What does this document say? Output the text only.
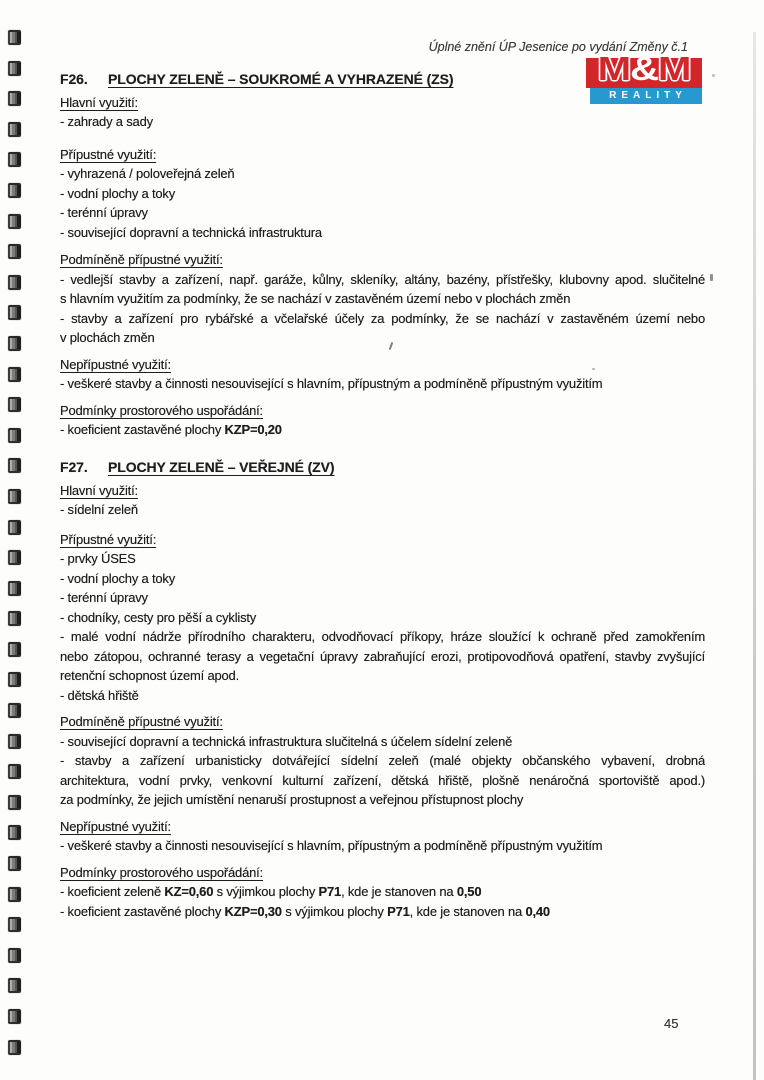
Úplné znění ÚP Jesenice po vydání Změny č.1
M&M
REALITY
F26. PLOCHY ZELENĚ – SOUKROMÉ A VYHRAZENÉ (ZS)
Hlavní využití:

- zahrady a sady

Přípustné využití:

- vyhrazená / poloveřejná zeleň

- vodní plochy a toky

- terénní úpravy

- související dopravní a technická infrastruktura

Podmíněně přípustné využití:

- vedlejší stavby a zařízení, např. garáže, kůlny, skleníky, altány, bazény, přístřešky, klubovny apod. slučitelné

s hlavním využitím za podmínky, že se nachází v zastavěném území nebo v plochách změn

- stavby a zařízení pro rybářské a včelařské účely za podmínky, že se nachází v zastavěném území nebo

v plochách změn

Nepřípustné využití:

- veškeré stavby a činnosti nesouvisející s hlavním, přípustným a podmíněně přípustným využitím

Podmínky prostorového uspořádání:

- koeficient zastavěné plochy KZP=0,20

F27. PLOCHY ZELENĚ – VEŘEJNÉ (ZV)
Hlavní využití:

- sídelní zeleň

Přípustné využití:

- prvky ÚSES

- vodní plochy a toky

- terénní úpravy

- chodníky, cesty pro pěší a cyklisty

- malé vodní nádrže přírodního charakteru, odvodňovací příkopy, hráze sloužící k ochraně před zamokřením

nebo zátopou, ochranné terasy a vegetační úpravy zabraňující erozi, protipovodňová opatření, stavby zvyšující

retenční schopnost území apod.

- dětská hřiště

Podmíněně přípustné využití:

- související dopravní a technická infrastruktura slučitelná s účelem sídelní zeleně

- stavby a zařízení urbanisticky dotvářející sídelní zeleň (malé objekty občanského vybavení, drobná

architektura, vodní prvky, venkovní kulturní zařízení, dětská hřiště, plošně nenáročná sportoviště apod.)

za podmínky, že jejich umístění nenaruší prostupnost a veřejnou přístupnost plochy

Nepřípustné využití:

- veškeré stavby a činnosti nesouvisející s hlavním, přípustným a podmíněně přípustným využitím

Podmínky prostorového uspořádání:

- koeficient zeleně KZ=0,60 s výjimkou plochy P71, kde je stanoven na 0,50

- koeficient zastavěné plochy KZP=0,30 s výjimkou plochy P71, kde je stanoven na 0,40

45
